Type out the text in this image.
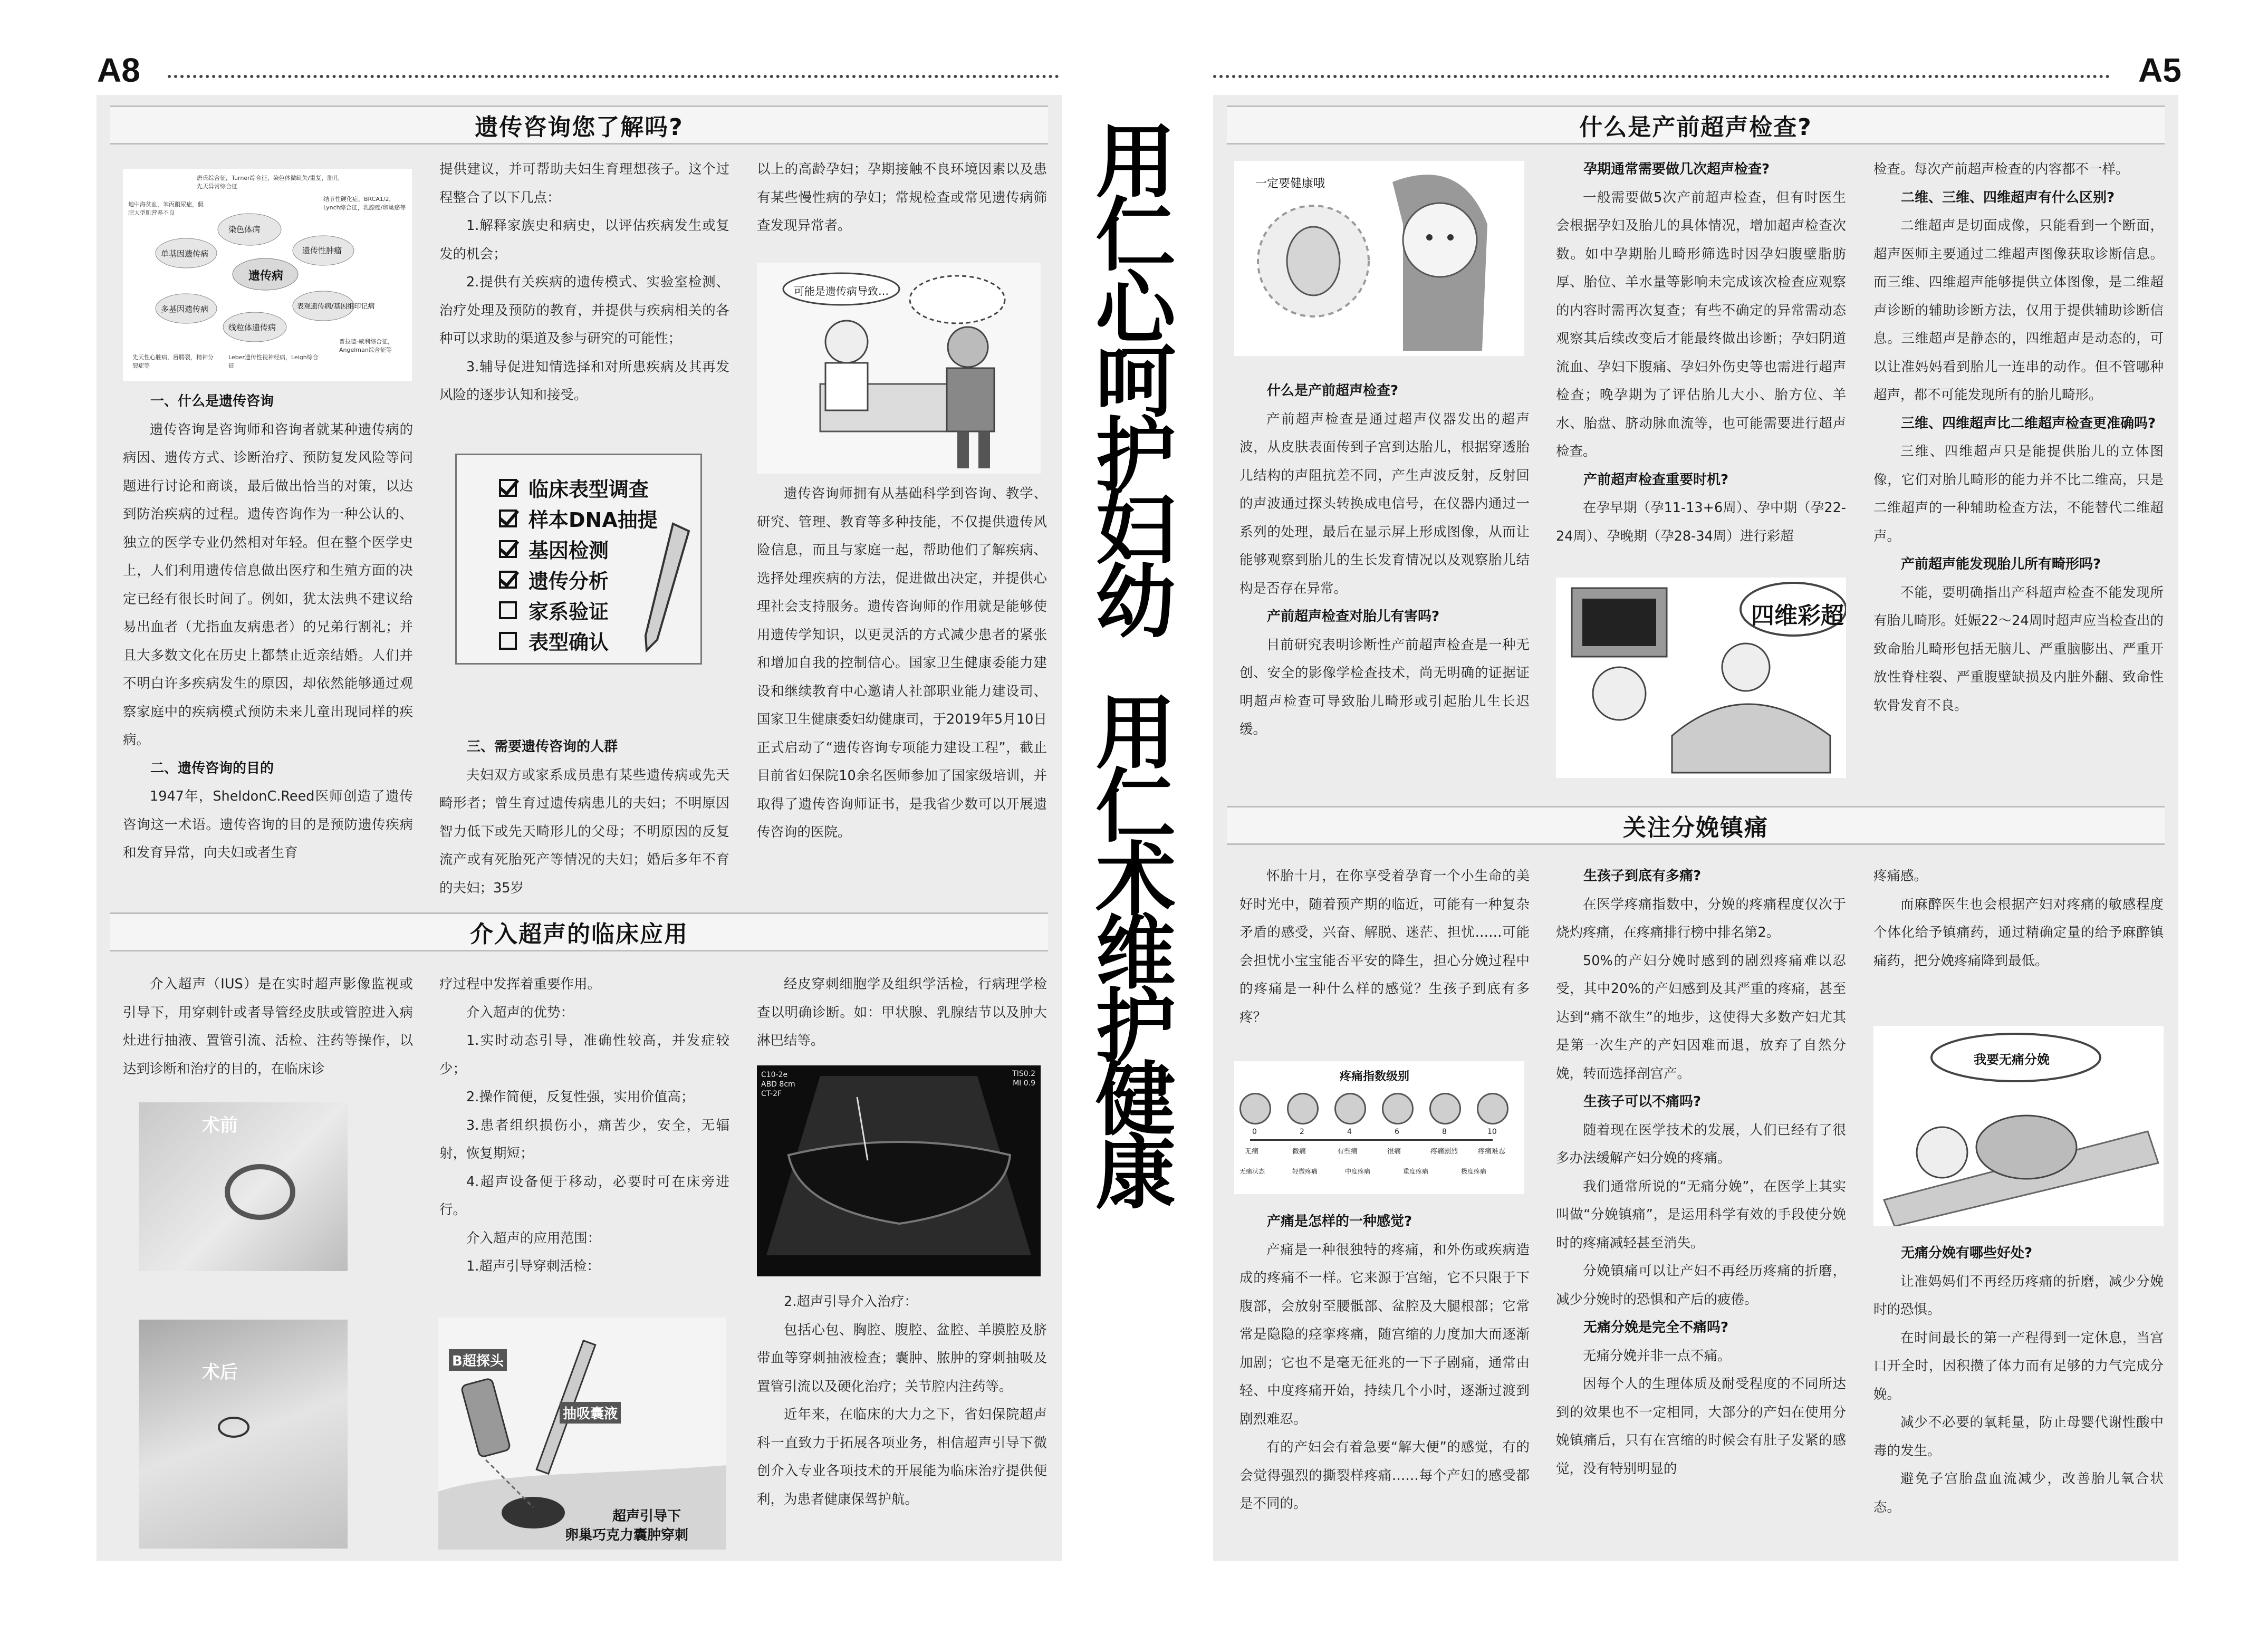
A8	A5
用仁心呵护妇幼
用仁术维护健康
遗传咨询您了解吗?
遗传病
染色体病
遗传性肿瘤
表观遗传病/基因组印记病
线粒体遗传病
多基因遗传病
单基因遗传病
唐氏综合征，Turner综合征，染色体微缺失/重复，胎儿先天异常综合征
结节性硬化症，BRCA1/2，Lynch综合征，乳腺癌/卵巢癌等
普拉德-威利综合征，Angelman综合征等
Leber遗传性视神经病，Leigh综合征
先天性心脏病，唇腭裂，精神分裂症等
地中海贫血，苯丙酮尿症，假肥大型肌营养不良
一、什么是遗传咨询

遗传咨询是咨询师和咨询者就某种遗传病的病因、遗传方式、诊断治疗、预防复发风险等问题进行讨论和商谈，最后做出恰当的对策，以达到防治疾病的过程。遗传咨询作为一种公认的、独立的医学专业仍然相对年轻。但在整个医学史上，人们利用遗传信息做出医疗和生殖方面的决定已经有很长时间了。例如，犹太法典不建议给易出血者（尤指血友病患者）的兄弟行割礼；并且大多数文化在历史上都禁止近亲结婚。人们并不明白许多疾病发生的原因，却依然能够通过观察家庭中的疾病模式预防未来儿童出现同样的疾病。

二、遗传咨询的目的

1947年，SheldonC.Reed医师创造了遗传咨询这一术语。遗传咨询的目的是预防遗传疾病和发育异常，向夫妇或者生育

提供建议，并可帮助夫妇生育理想孩子。这个过程整合了以下几点：

1.解释家族史和病史，以评估疾病发生或复发的机会；
2.提供有关疾病的遗传模式、实验室检测、治疗处理及预防的教育，并提供与疾病相关的各种可以求助的渠道及参与研究的可能性；
3.辅导促进知情选择和对所患疾病及其再发风险的逐步认知和接受。
临床表型调查
样本DNA抽提
基因检测
遗传分析
家系验证
表型确认
三、需要遗传咨询的人群

夫妇双方或家系成员患有某些遗传病或先天畸形者；曾生育过遗传病患儿的夫妇；不明原因智力低下或先天畸形儿的父母；不明原因的反复流产或有死胎死产等情况的夫妇；婚后多年不育的夫妇；35岁

以上的高龄孕妇；孕期接触不良环境因素以及患有某些慢性病的孕妇；常规检查或常见遗传病筛查发现异常者。

可能是遗传病导致…

遗传咨询师拥有从基础科学到咨询、教学、研究、管理、教育等多种技能，不仅提供遗传风险信息，而且与家庭一起，帮助他们了解疾病、选择处理疾病的方法，促进做出决定，并提供心理社会支持服务。遗传咨询师的作用就是能够使用遗传学知识，以更灵活的方式减少患者的紧张和增加自我的控制信心。国家卫生健康委能力建设和继续教育中心邀请人社部职业能力建设司、国家卫生健康委妇幼健康司，于2019年5月10日正式启动了“遗传咨询专项能力建设工程”，截止目前省妇保院10余名医师参加了国家级培训，并取得了遗传咨询师证书，是我省少数可以开展遗传咨询的医院。

介入超声的临床应用

介入超声（IUS）是在实时超声影像监视或引导下，用穿刺针或者导管经皮肤或管腔进入病灶进行抽液、置管引流、活检、注药等操作，以达到诊断和治疗的目的，在临床诊

术前
术后

疗过程中发挥着重要作用。

介入超声的优势：

1.实时动态引导，准确性较高，并发症较少；
2.操作简便，反复性强，实用价值高；
3.患者组织损伤小，痛苦少，安全，无辐射，恢复期短；
4.超声设备便于移动，必要时可在床旁进行。

介入超声的应用范围：

1.超声引导穿刺活检：
B超探头
抽吸囊液
超声引导下
卵巢巧克力囊肿穿刺

经皮穿刺细胞学及组织学活检，行病理学检查以明确诊断。如：甲状腺、乳腺结节以及肿大淋巴结等。

TIS0.2
MI 0.9
C10-2e
ABD 8cm
CT-2F
2.超声引导介入治疗：

包括心包、胸腔、腹腔、盆腔、羊膜腔及脐带血等穿刺抽液检查；囊肿、脓肿的穿刺抽吸及置管引流以及硬化治疗；关节腔内注药等。

近年来，在临床的大力之下，省妇保院超声科一直致力于拓展各项业务，相信超声引导下微创介入专业各项技术的开展能为临床治疗提供便利，为患者健康保驾护航。

什么是产前超声检查?
一定要健康哦
什么是产前超声检查?

产前超声检查是通过超声仪器发出的超声波，从皮肤表面传到子宫到达胎儿，根据穿透胎儿结构的声阻抗差不同，产生声波反射，反射回的声波通过探头转换成电信号，在仪器内通过一系列的处理，最后在显示屏上形成图像，从而让能够观察到胎儿的生长发育情况以及观察胎儿结构是否存在异常。

产前超声检查对胎儿有害吗?

目前研究表明诊断性产前超声检查是一种无创、安全的影像学检查技术，尚无明确的证据证明超声检查可导致胎儿畸形或引起胎儿生长迟缓。

孕期通常需要做几次超声检查?

一般需要做5次产前超声检查，但有时医生会根据孕妇及胎儿的具体情况，增加超声检查次数。如中孕期胎儿畸形筛选时因孕妇腹壁脂肪厚、胎位、羊水量等影响未完成该次检查应观察的内容时需再次复查；有些不确定的异常需动态观察其后续改变后才能最终做出诊断；孕妇阴道流血、孕妇下腹痛、孕妇外伤史等也需进行超声检查；晚孕期为了评估胎儿大小、胎方位、羊水、胎盘、脐动脉血流等，也可能需要进行超声检查。

产前超声检查重要时机?

在孕早期（孕11-13+6周）、孕中期（孕22-24周）、孕晚期（孕28-34周）进行彩超

四维彩超

检查。每次产前超声检查的内容都不一样。

二维、三维、四维超声有什么区别?

二维超声是切面成像，只能看到一个断面，超声医师主要通过二维超声图像获取诊断信息。而三维、四维超声能够提供立体图像，是二维超声诊断的辅助诊断方法，仅用于提供辅助诊断信息。三维超声是静态的，四维超声是动态的，可以让准妈妈看到胎儿一连串的动作。但不管哪种超声，都不可能发现所有的胎儿畸形。

三维、四维超声比二维超声检查更准确吗?

三维、四维超声只是能提供胎儿的立体图像，它们对胎儿畸形的能力并不比二维高，只是二维超声的一种辅助检查方法，不能替代二维超声。

产前超声能发现胎儿所有畸形吗?

不能，要明确指出产科超声检查不能发现所有胎儿畸形。妊娠22～24周时超声应当检查出的致命胎儿畸形包括无脑儿、严重脑膨出、严重开放性脊柱裂、严重腹壁缺损及内脏外翻、致命性软骨发育不良。

关注分娩镇痛

怀胎十月，在你享受着孕育一个小生命的美好时光中，随着预产期的临近，可能有一种复杂矛盾的感受，兴奋、解脱、迷茫、担忧……可能会担忧小宝宝能否平安的降生，担心分娩过程中的疼痛是一种什么样的感觉？生孩子到底有多疼？

疼痛指数级别
0	2	4	6	8	10
无痛	微痛	有些痛	很痛	疼痛剧烈	疼痛难忍
无痛状态	轻微疼痛	中度疼痛	重度疼痛	极度疼痛
产痛是怎样的一种感觉?

产痛是一种很独特的疼痛，和外伤或疾病造成的疼痛不一样。它来源于宫缩，它不只限于下腹部，会放射至腰骶部、盆腔及大腿根部；它常常是隐隐的痉挛疼痛，随宫缩的力度加大而逐渐加剧；它也不是毫无征兆的一下子剧痛，通常由轻、中度疼痛开始，持续几个小时，逐渐过渡到剧烈难忍。

有的产妇会有着急要“解大便”的感觉，有的会觉得强烈的撕裂样疼痛……每个产妇的感受都是不同的。

生孩子到底有多痛?

在医学疼痛指数中，分娩的疼痛程度仅次于烧灼疼痛，在疼痛排行榜中排名第2。

50%的产妇分娩时感到的剧烈疼痛难以忍受，其中20%的产妇感到及其严重的疼痛，甚至达到“痛不欲生”的地步，这使得大多数产妇尤其是第一次生产的产妇因难而退，放弃了自然分娩，转而选择剖宫产。

生孩子可以不痛吗?

随着现在医学技术的发展，人们已经有了很多办法缓解产妇分娩的疼痛。

我们通常所说的“无痛分娩”，在医学上其实叫做“分娩镇痛”，是运用科学有效的手段使分娩时的疼痛减轻甚至消失。

分娩镇痛可以让产妇不再经历疼痛的折磨，减少分娩时的恐惧和产后的疲倦。

无痛分娩是完全不痛吗?

无痛分娩并非一点不痛。

因每个人的生理体质及耐受程度的不同所达到的效果也不一定相同，大部分的产妇在使用分娩镇痛后，只有在宫缩的时候会有肚子发紧的感觉，没有特别明显的

疼痛感。

而麻醉医生也会根据产妇对疼痛的敏感程度个体化给予镇痛药，通过精确定量的给予麻醉镇痛药，把分娩疼痛降到最低。

我要无痛分娩
无痛分娩有哪些好处?

让准妈妈们不再经历疼痛的折磨，减少分娩时的恐惧。

在时间最长的第一产程得到一定休息，当宫口开全时，因积攒了体力而有足够的力气完成分娩。

减少不必要的氧耗量，防止母婴代谢性酸中毒的发生。

避免子宫胎盘血流减少，改善胎儿氧合状态。
